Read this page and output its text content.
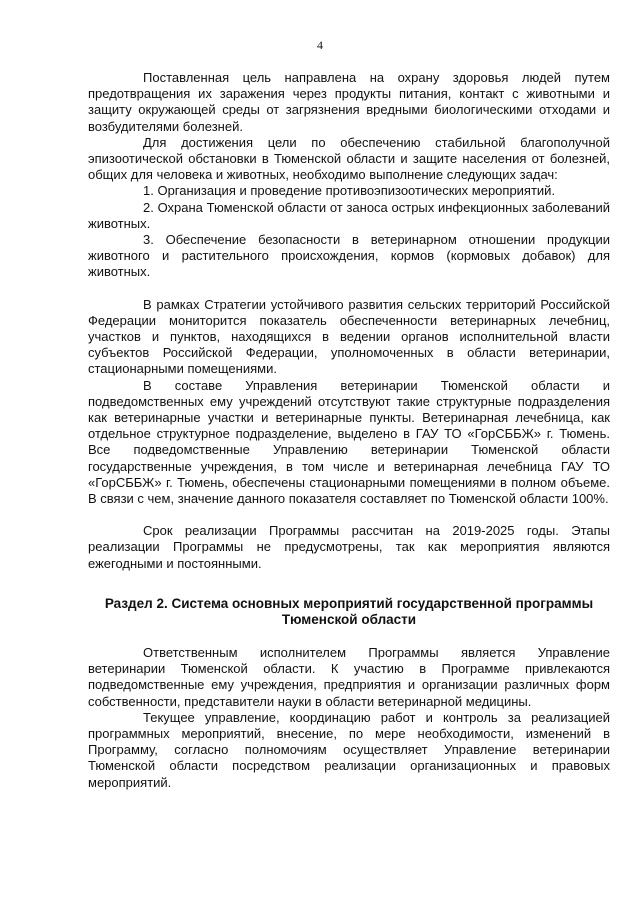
4

Поставленная цель направлена на охрану здоровья людей путем предотвращения их заражения через продукты питания, контакт с животными и защиту окружающей среды от загрязнения вредными биологическими отходами и возбудителями болезней.

Для достижения цели по обеспечению стабильной благополучной эпизоотической обстановки в Тюменской области и защите населения от болезней, общих для человека и животных, необходимо выполнение следующих задач:

1. Организация и проведение противоэпизоотических мероприятий.

2. Охрана Тюменской области от заноса острых инфекционных заболеваний животных.

3. Обеспечение безопасности в ветеринарном отношении продукции животного и растительного происхождения, кормов (кормовых добавок) для животных.

В рамках Стратегии устойчивого развития сельских территорий Российской Федерации мониторится показатель обеспеченности ветеринарных лечебниц, участков и пунктов, находящихся в ведении органов исполнительной власти субъектов Российской Федерации, уполномоченных в области ветеринарии, стационарными помещениями.

В составе Управления ветеринарии Тюменской области и подведомственных ему учреждений отсутствуют такие структурные подразделения как ветеринарные участки и ветеринарные пункты. Ветеринарная лечебница, как отдельное структурное подразделение, выделено в ГАУ ТО «ГорСББЖ» г. Тюмень. Все подведомственные Управлению ветеринарии Тюменской области государственные учреждения, в том числе и ветеринарная лечебница ГАУ ТО «ГорСББЖ» г. Тюмень, обеспечены стационарными помещениями в полном объеме. В связи с чем, значение данного показателя составляет по Тюменской области 100%.

Срок реализации Программы рассчитан на 2019-2025 годы. Этапы реализации Программы не предусмотрены, так как мероприятия являются ежегодными и постоянными.

Раздел 2. Система основных мероприятий государственной программы Тюменской области

Ответственным исполнителем Программы является Управление ветеринарии Тюменской области. К участию в Программе привлекаются подведомственные ему учреждения, предприятия и организации различных форм собственности, представители науки в области ветеринарной медицины.

Текущее управление, координацию работ и контроль за реализацией программных мероприятий, внесение, по мере необходимости, изменений в Программу, согласно полномочиям осуществляет Управление ветеринарии Тюменской области посредством реализации организационных и правовых мероприятий.
